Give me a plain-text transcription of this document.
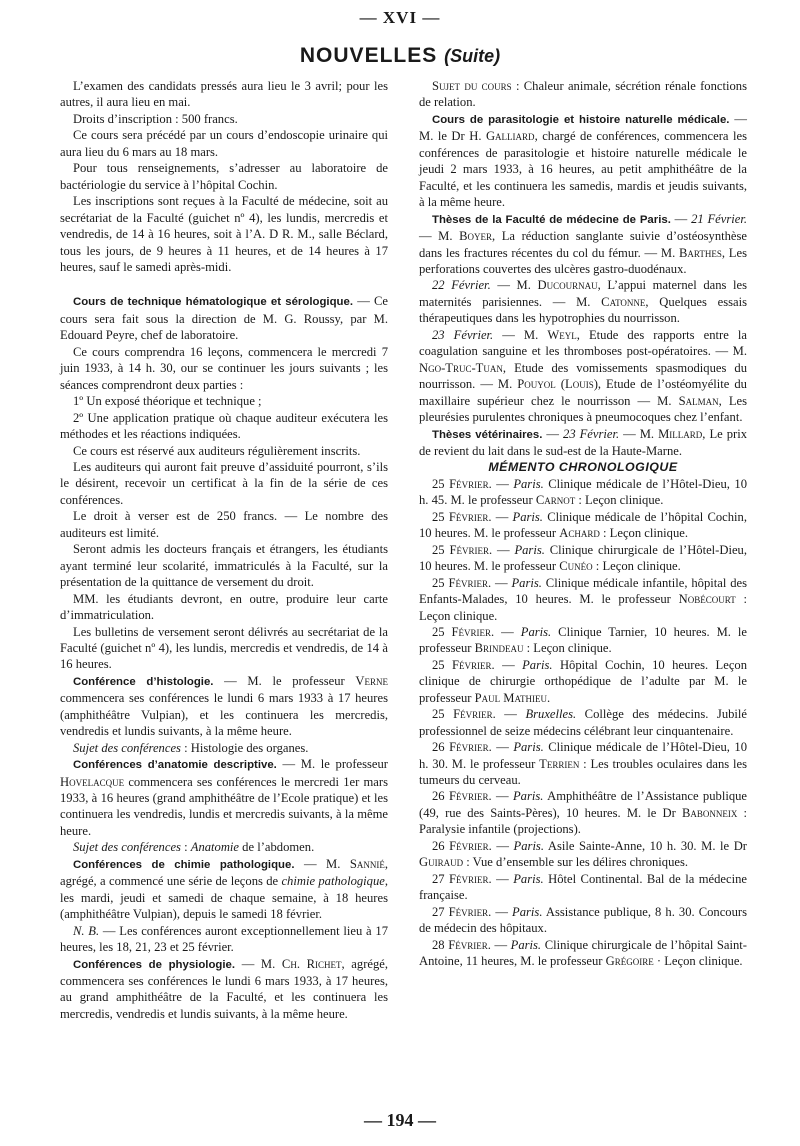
— XVI —
NOUVELLES (Suite)

L’examen des candidats pressés aura lieu le 3 avril; pour les autres, il aura lieu en mai.

Droits d’inscription : 500 francs.

Ce cours sera précédé par un cours d’endoscopie urinaire qui aura lieu du 6 mars au 18 mars.

Pour tous renseignements, s’adresser au laboratoire de bactériologie du service à l’hôpital Cochin.

Les inscriptions sont reçues à la Faculté de médecine, soit au secrétariat de la Faculté (guichet nº 4), les lundis, mercredis et vendredis, de 14 à 16 heures, soit à l’A. D R. M., salle Béclard, tous les jours, de 9 heures à 11 heures, et de 14 heures à 17 heures, sauf le samedi après-midi.

Cours de technique hématologique et sérologique. — Ce cours sera fait sous la direction de M. G. Roussy, par M. Edouard Peyre, chef de laboratoire.

Ce cours comprendra 16 leçons, commencera le mercredi 7 juin 1933, à 14 h. 30, our se continuer les jours suivants ; les séances comprendront deux parties :

1º Un exposé théorique et technique ;

2º Une application pratique où chaque auditeur exécutera les méthodes et les réactions indiquées.

Ce cours est réservé aux auditeurs régulièrement inscrits.

Les auditeurs qui auront fait preuve d’assiduité pourront, s’ils le désirent, recevoir un certificat à la fin de la série de ces conférences.

Le droit à verser est de 250 francs. — Le nombre des auditeurs est limité.

Seront admis les docteurs français et étrangers, les étudiants ayant terminé leur scolarité, immatriculés à la Faculté, sur la présentation de la quittance de versement du droit.

MM. les étudiants devront, en outre, produire leur carte d’immatriculation.

Les bulletins de versement seront délivrés au secrétariat de la Faculté (guichet nº 4), les lundis, mercredis et vendredis, de 14 à 16 heures.

Conférence d’histologie. — M. le professeur Verne commencera ses conférences le lundi 6 mars 1933 à 17 heures (amphithéâtre Vulpian), et les continuera les mercredis, vendredis et lundis suivants, à la même heure.

Sujet des conférences : Histologie des organes.

Conférences d’anatomie descriptive. — M. le professeur Hovelacque commencera ses conférences le mercredi 1er mars 1933, à 16 heures (grand amphithéâtre de l’Ecole pratique) et les continuera les vendredis, lundis et mercredis suivants, à la même heure.

Sujet des conférences : Anatomie de l’abdomen.

Conférences de chimie pathologique. — M. Sannié, agrégé, a commencé une série de leçons de chimie pathologique, les mardi, jeudi et samedi de chaque semaine, à 18 heures (amphithéâtre Vulpian), depuis le samedi 18 février.

N. B. — Les conférences auront exceptionnellement lieu à 17 heures, les 18, 21, 23 et 25 février.

Conférences de physiologie. — M. Ch. Richet, agrégé, commencera ses conférences le lundi 6 mars 1933, à 17 heures, au grand amphithéâtre de la Faculté, et les continuera les mercredis, vendredis et lundis suivants, à la même heure.

Sujet du cours : Chaleur animale, sécrétion rénale fonctions de relation.

Cours de parasitologie et histoire naturelle médicale. — M. le Dr H. Galliard, chargé de conférences, commencera les conférences de parasitologie et histoire naturelle médicale le jeudi 2 mars 1933, à 16 heures, au petit amphithéâtre de la Faculté, et les continuera les samedis, mardis et jeudis suivants, à la même heure.

Thèses de la Faculté de médecine de Paris. — 21 Février. — M. Boyer, La réduction sanglante suivie d’ostéosynthèse dans les fractures récentes du col du fémur. — M. Barthes, Les perforations couvertes des ulcères gastro-duodénaux.

22 Février. — M. Ducournau, L’appui maternel dans les maternités parisiennes. — M. Catonne, Quelques essais thérapeutiques dans les hypotrophies du nourrisson.

23 Février. — M. Weyl, Etude des rapports entre la coagulation sanguine et les thromboses post-opératoires. — M. Ngo-Truc-Tuan, Etude des vomissements spasmodiques du nourrisson. — M. Pouyol (Louis), Etude de l’ostéomyélite du maxillaire supérieur chez le nourrisson — M. Salman, Les pleurésies purulentes chroniques à pneumocoques chez l’enfant.

Thèses vétérinaires. — 23 Février. — M. Millard, Le prix de revient du lait dans le sud-est de la Haute-Marne.

MÉMENTO CHRONOLOGIQUE

25 Février. — Paris. Clinique médicale de l’Hôtel-Dieu, 10 h. 45. M. le professeur Carnot : Leçon clinique.

25 Février. — Paris. Clinique médicale de l’hôpital Cochin, 10 heures. M. le professeur Achard : Leçon clinique.

25 Février. — Paris. Clinique chirurgicale de l’Hôtel-Dieu, 10 heures. M. le professeur Cunéo : Leçon clinique.

25 Février. — Paris. Clinique médicale infantile, hôpital des Enfants-Malades, 10 heures. M. le professeur Nobécourt : Leçon clinique.

25 Février. — Paris. Clinique Tarnier, 10 heures. M. le professeur Brindeau : Leçon clinique.

25 Février. — Paris. Hôpital Cochin, 10 heures. Leçon clinique de chirurgie orthopédique de l’adulte par M. le professeur Paul Mathieu.

25 Février. — Bruxelles. Collège des médecins. Jubilé professionnel de seize médecins célébrant leur cinquantenaire.

26 Février. — Paris. Clinique médicale de l’Hôtel-Dieu, 10 h. 30. M. le professeur Terrien : Les troubles oculaires dans les tumeurs du cerveau.

26 Février. — Paris. Amphithéâtre de l’Assistance publique (49, rue des Saints-Pères), 10 heures. M. le Dr Babonneix : Paralysie infantile (projections).

26 Février. — Paris. Asile Sainte-Anne, 10 h. 30. M. le Dr Guiraud : Vue d’ensemble sur les délires chroniques.

27 Février. — Paris. Hôtel Continental. Bal de la médecine française.

27 Février. — Paris. Assistance publique, 8 h. 30. Concours de médecin des hôpitaux.

28 Février. — Paris. Clinique chirurgicale de l’hôpital Saint-Antoine, 11 heures, M. le professeur Grégoire · Leçon clinique.

— 194 —
